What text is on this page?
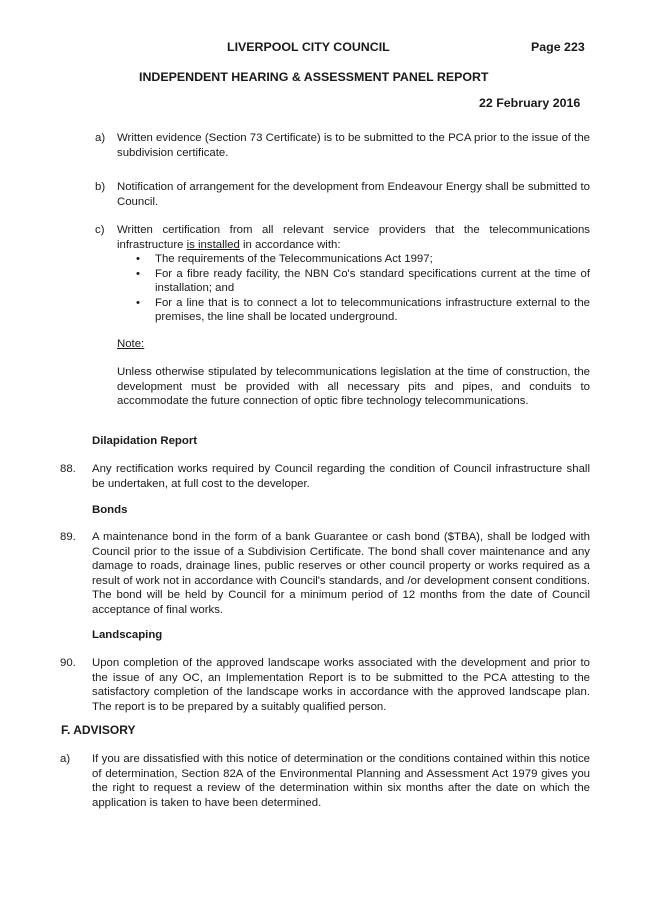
LIVERPOOL CITY COUNCIL	Page 223
INDEPENDENT HEARING & ASSESSMENT PANEL REPORT
22 February 2016
a) Written evidence (Section 73 Certificate) is to be submitted to the PCA prior to the issue of the subdivision certificate.
b) Notification of arrangement for the development from Endeavour Energy shall be submitted to Council.
c) Written certification from all relevant service providers that the telecommunications infrastructure is installed in accordance with:
• The requirements of the Telecommunications Act 1997;
• For a fibre ready facility, the NBN Co's standard specifications current at the time of installation; and
• For a line that is to connect a lot to telecommunications infrastructure external to the premises, the line shall be located underground.
Note:
Unless otherwise stipulated by telecommunications legislation at the time of construction, the development must be provided with all necessary pits and pipes, and conduits to accommodate the future connection of optic fibre technology telecommunications.
Dilapidation Report
88. Any rectification works required by Council regarding the condition of Council infrastructure shall be undertaken, at full cost to the developer.
Bonds
89. A maintenance bond in the form of a bank Guarantee or cash bond ($TBA), shall be lodged with Council prior to the issue of a Subdivision Certificate. The bond shall cover maintenance and any damage to roads, drainage lines, public reserves or other council property or works required as a result of work not in accordance with Council's standards, and /or development consent conditions. The bond will be held by Council for a minimum period of 12 months from the date of Council acceptance of final works.
Landscaping
90. Upon completion of the approved landscape works associated with the development and prior to the issue of any OC, an Implementation Report is to be submitted to the PCA attesting to the satisfactory completion of the landscape works in accordance with the approved landscape plan. The report is to be prepared by a suitably qualified person.
F. ADVISORY
a) If you are dissatisfied with this notice of determination or the conditions contained within this notice of determination, Section 82A of the Environmental Planning and Assessment Act 1979 gives you the right to request a review of the determination within six months after the date on which the application is taken to have been determined.
